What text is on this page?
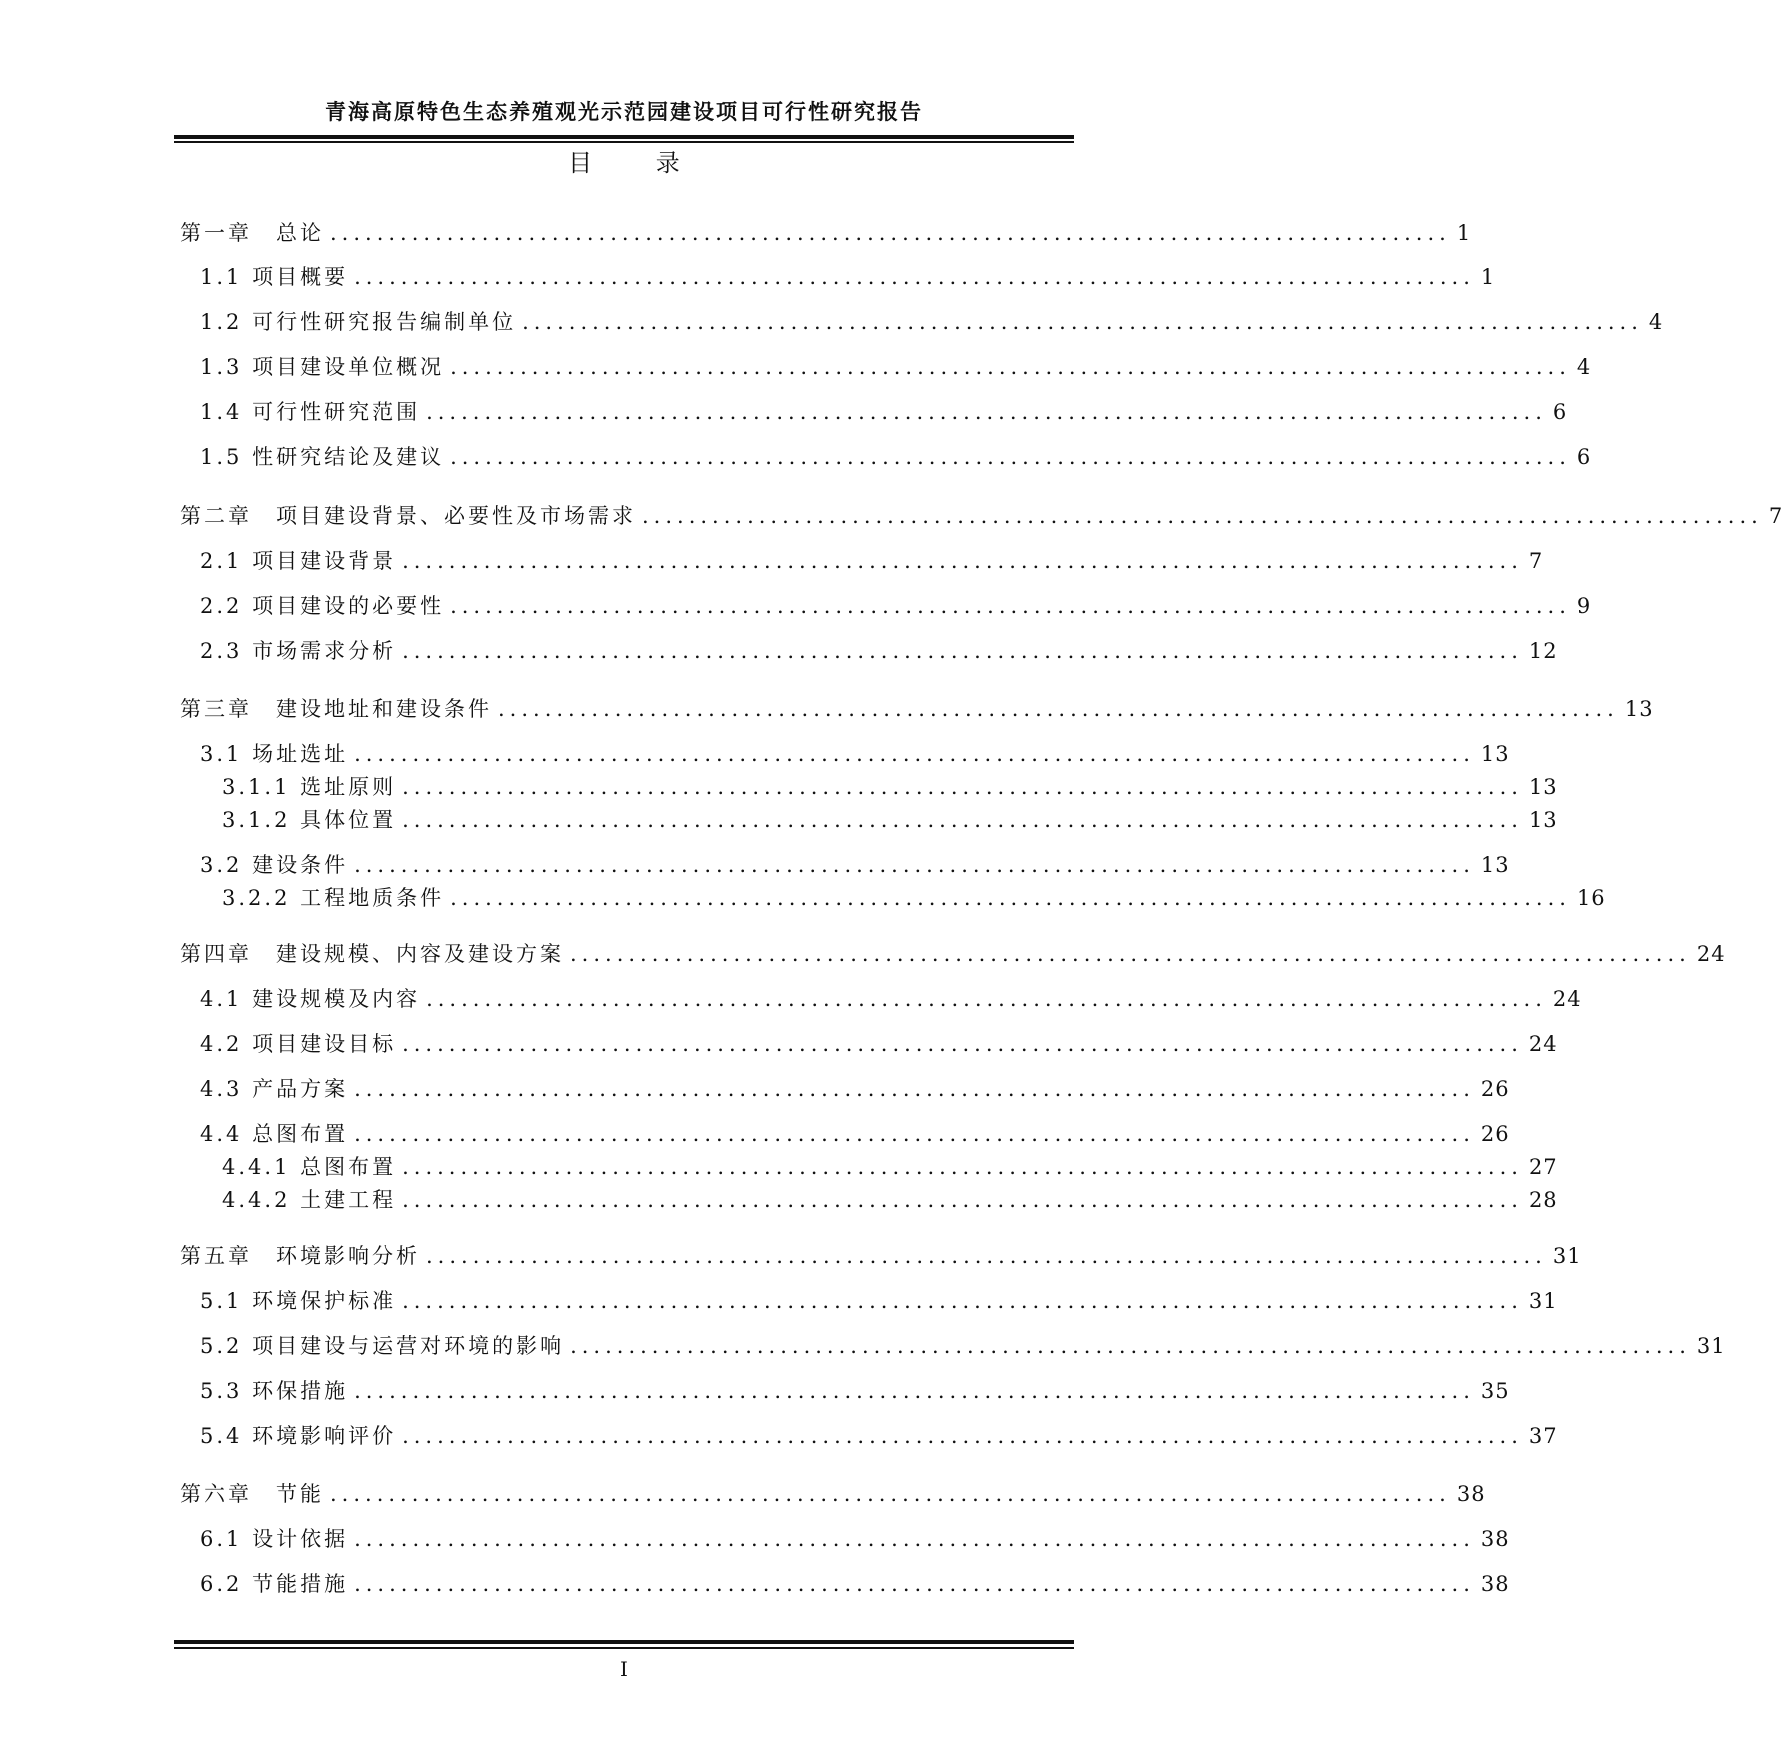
青海高原特色生态养殖观光示范园建设项目可行性研究报告
目 录
第一章　总论 ................................................................................................ 1
1.1 项目概要 ................................................................................................ 1
1.2 可行性研究报告编制单位 ................................................................................................ 4
1.3 项目建设单位概况 ................................................................................................ 4
1.4 可行性研究范围 ................................................................................................ 6
1.5 性研究结论及建议 ................................................................................................ 6
第二章　项目建设背景、必要性及市场需求 ................................................................................................ 7
2.1 项目建设背景 ................................................................................................ 7
2.2 项目建设的必要性 ................................................................................................ 9
2.3 市场需求分析 ................................................................................................ 12
第三章　建设地址和建设条件 ................................................................................................ 13
3.1 场址选址 ................................................................................................ 13
3.1.1 选址原则 ................................................................................................ 13
3.1.2 具体位置 ................................................................................................ 13
3.2 建设条件 ................................................................................................ 13
3.2.2 工程地质条件 ................................................................................................ 16
第四章　建设规模、内容及建设方案 ................................................................................................ 24
4.1 建设规模及内容 ................................................................................................ 24
4.2 项目建设目标 ................................................................................................ 24
4.3 产品方案 ................................................................................................ 26
4.4 总图布置 ................................................................................................ 26
4.4.1 总图布置 ................................................................................................ 27
4.4.2 土建工程 ................................................................................................ 28
第五章　环境影响分析 ................................................................................................ 31
5.1 环境保护标准 ................................................................................................ 31
5.2 项目建设与运营对环境的影响 ................................................................................................ 31
5.3 环保措施 ................................................................................................ 35
5.4 环境影响评价 ................................................................................................ 37
第六章　节能 ................................................................................................ 38
6.1 设计依据 ................................................................................................ 38
6.2 节能措施 ................................................................................................ 38
I
